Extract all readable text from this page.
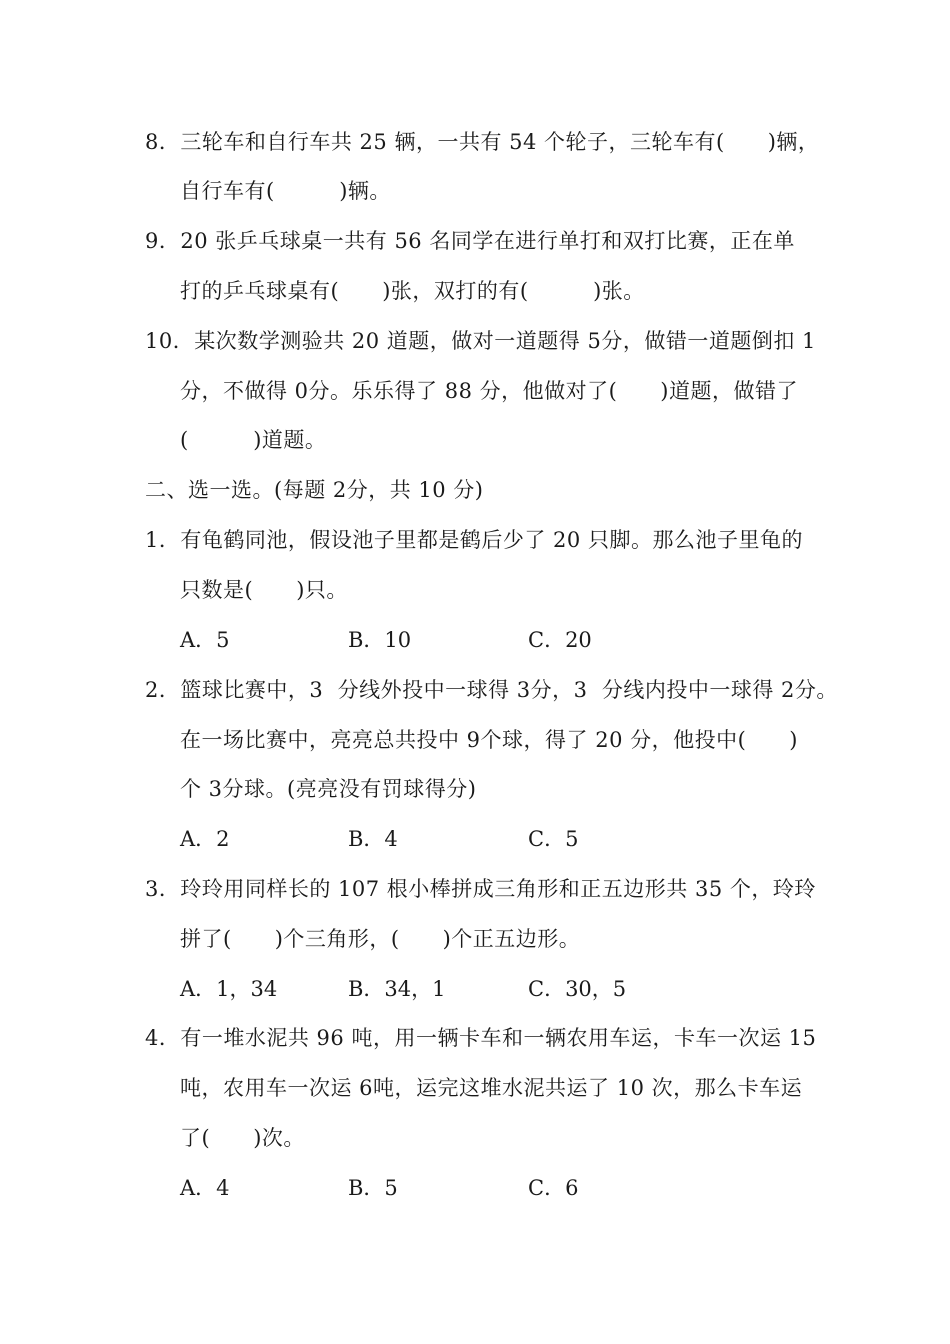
8．三轮车和自行车共 25 辆，一共有 54 个轮子，三轮车有(　　)辆，
自行车有(　　　)辆。
9．20 张乒乓球桌一共有 56 名同学在进行单打和双打比赛，正在单
打的乒乓球桌有(　　)张，双打的有(　　　)张。
10．某次数学测验共 20 道题，做对一道题得 5分，做错一道题倒扣 1
分，不做得 0分。乐乐得了 88 分，他做对了(　　)道题，做错了
(　　　)道题。
二、选一选。(每题 2分，共 10 分)
1．有龟鹤同池，假设池子里都是鹤后少了 20 只脚。那么池子里龟的
只数是(　　)只。
A．5	B．10	C．20
2．篮球比赛中，3  分线外投中一球得 3分，3  分线内投中一球得 2分。
在一场比赛中，亮亮总共投中 9个球，得了 20 分，他投中(　　)
个 3分球。(亮亮没有罚球得分)
A．2	B．4	C．5
3．玲玲用同样长的 107 根小棒拼成三角形和正五边形共 35 个，玲玲
拼了(　　)个三角形，(　　)个正五边形。
A．1，34	B．34，1	C．30，5
4．有一堆水泥共 96 吨，用一辆卡车和一辆农用车运，卡车一次运 15
吨，农用车一次运 6吨，运完这堆水泥共运了 10 次，那么卡车运
了(　　)次。
A．4	B．5	C．6
